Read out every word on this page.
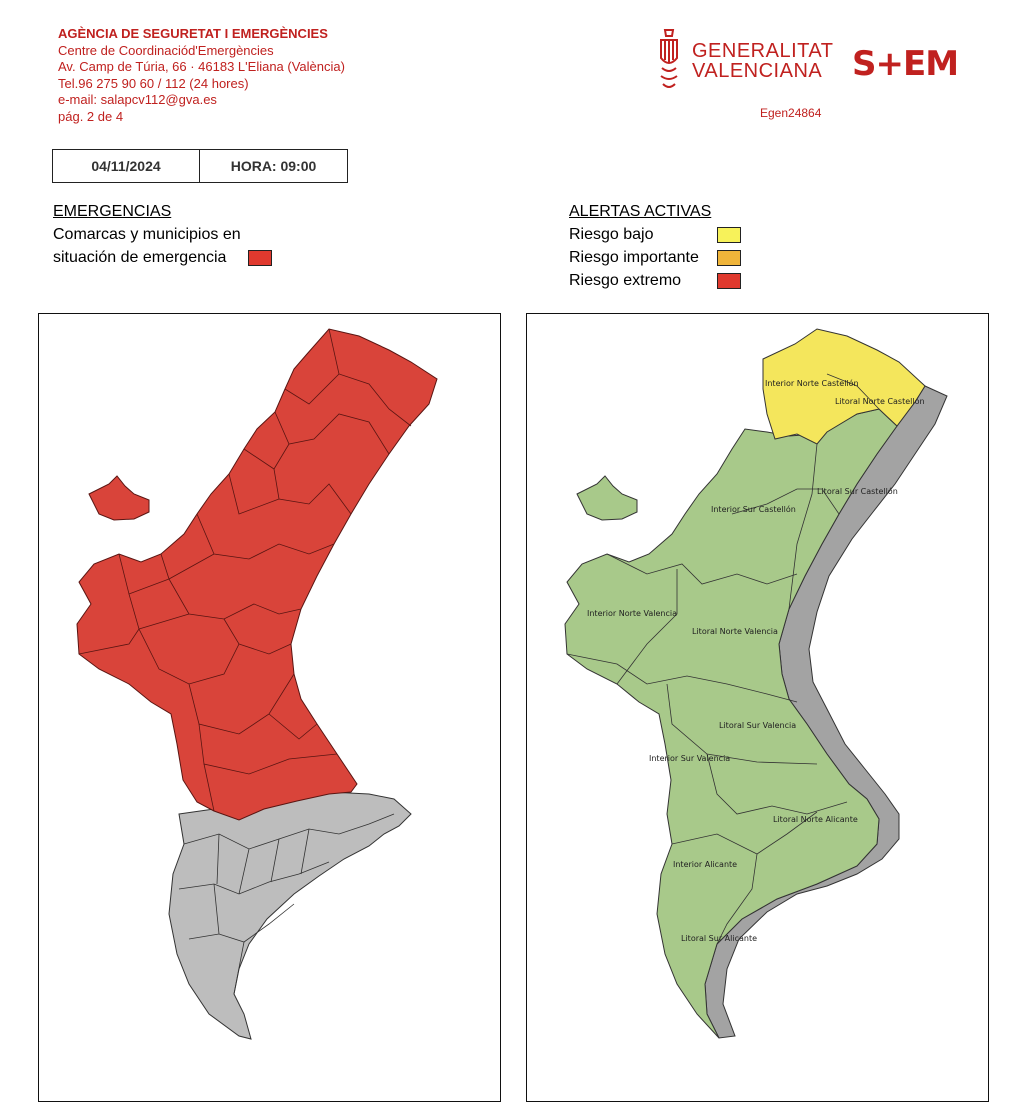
AGÈNCIA DE SEGURETAT I EMERGÈNCIES
Centre de Coordinaciód'Emergències
Av. Camp de Túria, 66 · 46183 L'Eliana (València)
Tel.96 275 90 60 / 112 (24 hores)
e-mail: salapcv112@gva.es
pág. 2 de 4
04/11/2024	HORA: 09:00
GENERALITAT
VALENCIANA S+EM
Egen24864
EMERGENCIAS
Comarcas y municipios en
situación de emergencia
ALERTAS ACTIVAS
Riesgo bajo
Riesgo importante
Riesgo extremo
Interior Norte Castellón
Litoral Norte Castellón
Litoral Sur Castellón
Interior Sur Castellón
Interior Norte Valencia
Litoral Norte Valencia
Litoral Sur Valencia
Interior Sur Valencia
Litoral Norte Alicante
Interior Alicante
Litoral Sur Alicante
